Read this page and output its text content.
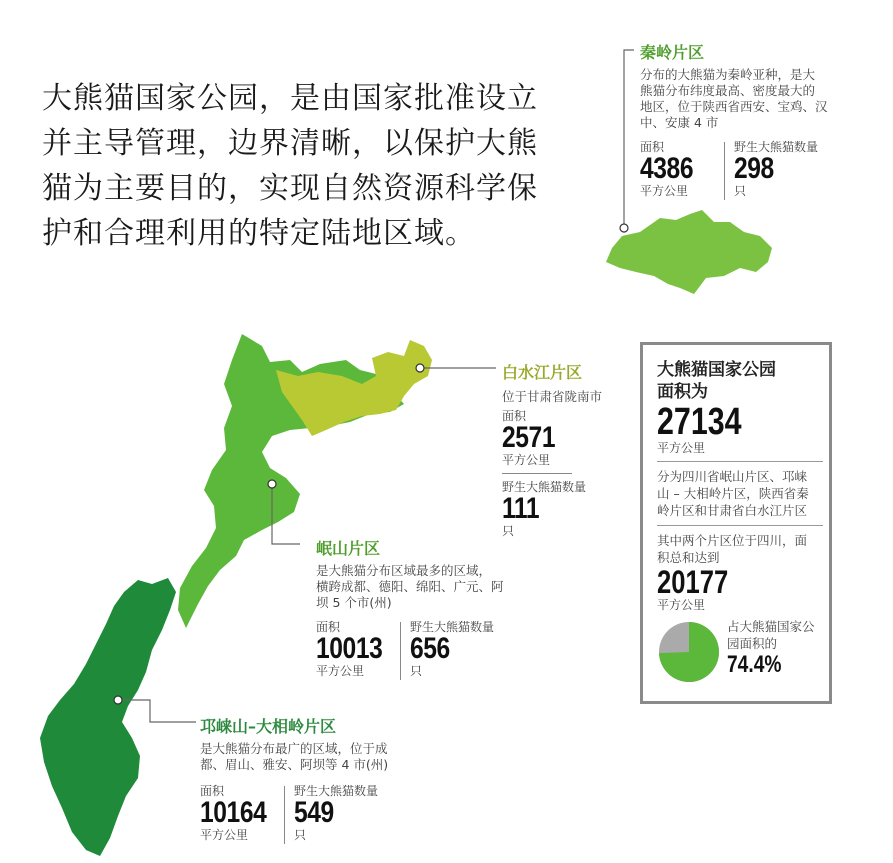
大熊猫国家公园，是由国家批准设立
并主导管理，边界清晰，以保护大熊
猫为主要目的，实现自然资源科学保
护和合理利用的特定陆地区域。
秦岭片区
分布的大熊猫为秦岭亚种，是大
熊猫分布纬度最高、密度最大的
地区，位于陕西省西安、宝鸡、汉
中、安康 4 市
面积
4386
平方公里
野生大熊猫数量
298
只
白水江片区
位于甘肃省陇南市
面积
2571
平方公里
野生大熊猫数量
111
只
岷山片区
是大熊猫分布区域最多的区域，
横跨成都、德阳、绵阳、广元、阿
坝 5 个市(州)
面积
10013
平方公里
野生大熊猫数量
656
只
邛崃山–大相岭片区
是大熊猫分布最广的区域，位于成
都、眉山、雅安、阿坝等 4 市(州)
面积
10164
平方公里
野生大熊猫数量
549
只
大熊猫国家公园
面积为
27134
平方公里
分为四川省岷山片区、邛崃
山 – 大相岭片区，陕西省秦
岭片区和甘肃省白水江片区
其中两个片区位于四川，面
积总和达到
20177
平方公里
占大熊猫国家公
园面积的
74.4%
